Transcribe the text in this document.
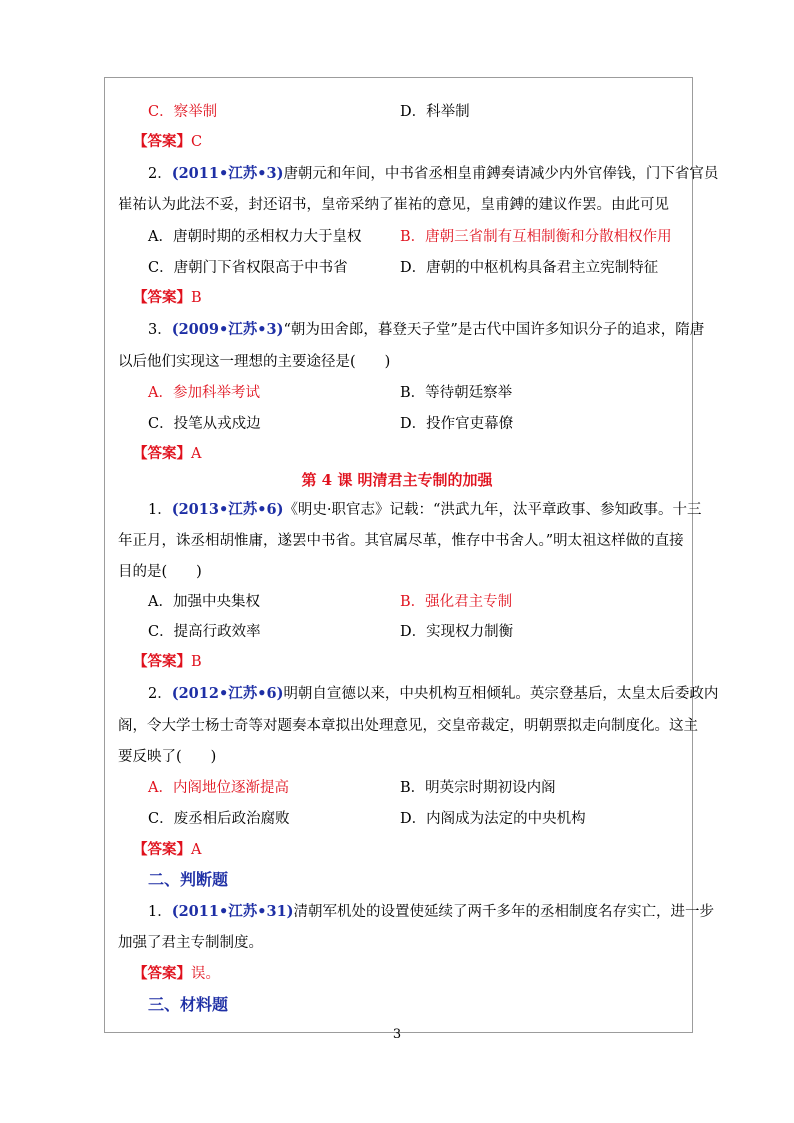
C．察举制	D．科举制
【答案】C
2．(2011•江苏•3)唐朝元和年间，中书省丞相皇甫鎛奏请减少内外官俸钱，门下省官员
崔祐认为此法不妥，封还诏书，皇帝采纳了崔祐的意见，皇甫鎛的建议作罢。由此可见
A．唐朝时期的丞相权力大于皇权	B．唐朝三省制有互相制衡和分散相权作用
C．唐朝门下省权限高于中书省	D．唐朝的中枢机构具备君主立宪制特征
【答案】B
3．(2009•江苏•3)“朝为田舍郎，暮登天子堂”是古代中国许多知识分子的追求，隋唐
以后他们实现这一理想的主要途径是(　　)
A．参加科举考试	B．等待朝廷察举
C．投笔从戎戍边	D．投作官吏幕僚
【答案】A
第 4 课 明清君主专制的加强
1．(2013•江苏•6)《明史·职官志》记载：“洪武九年，汰平章政事、参知政事。十三
年正月，诛丞相胡惟庸，遂罢中书省。其官属尽革，惟存中书舍人。”明太祖这样做的直接
目的是(　　)
A．加强中央集权	B．强化君主专制
C．提高行政效率	D．实现权力制衡
【答案】B
2．(2012•江苏•6)明朝自宣德以来，中央机构互相倾轧。英宗登基后，太皇太后委政内
阁，令大学士杨士奇等对题奏本章拟出处理意见，交皇帝裁定，明朝票拟走向制度化。这主
要反映了(　　)
A．内阁地位逐渐提高	B．明英宗时期初设内阁
C．废丞相后政治腐败	D．内阁成为法定的中央机构
【答案】A
二、判断题
1．(2011•江苏•31)清朝军机处的设置使延续了两千多年的丞相制度名存实亡，进一步
加强了君主专制制度。
【答案】误。
三、材料题
3
